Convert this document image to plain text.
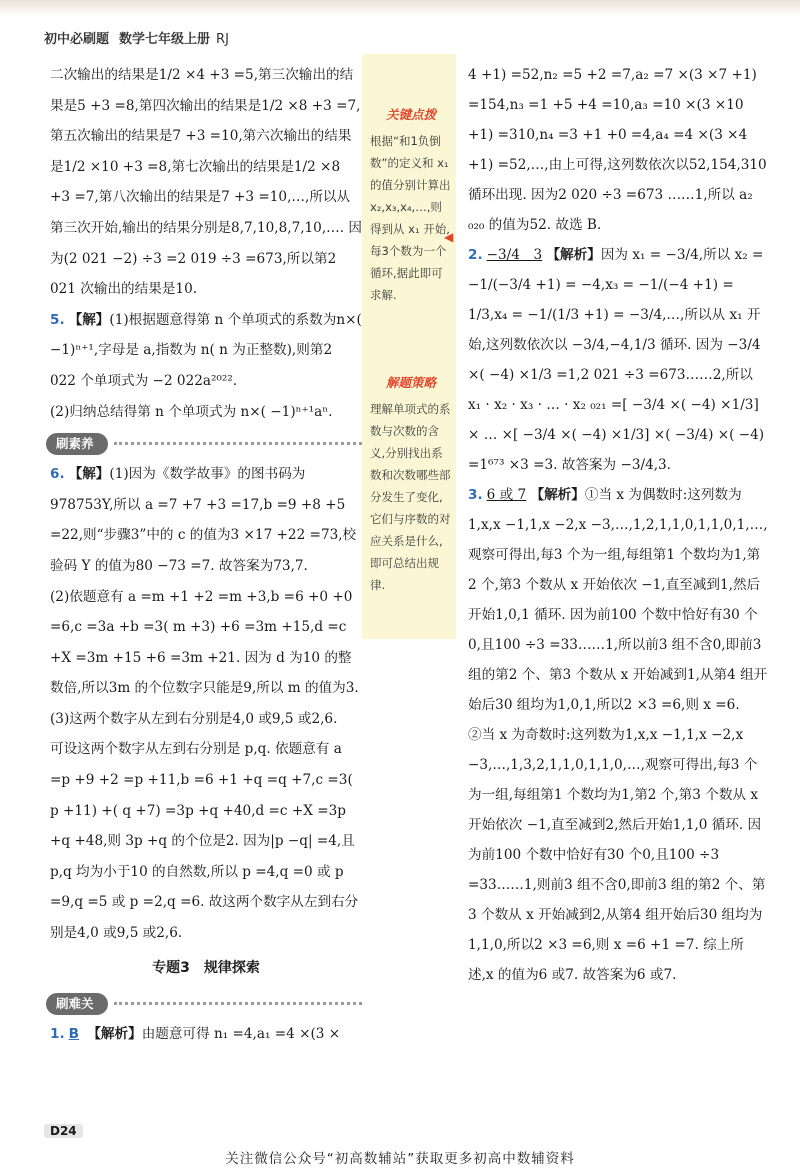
初中必刷题 数学七年级上册 RJ

二次输出的结果是1/2 ×4 +3 =5,第三次输出的结果是5 +3 =8,第四次输出的结果是1/2 ×8 +3 =7,第五次输出的结果是7 +3 =10,第六次输出的结果是1/2 ×10 +3 =8,第七次输出的结果是1/2 ×8 +3 =7,第八次输出的结果是7 +3 =10,…,所以从第三次开始,输出的结果分别是8,7,10,8,7,10,…. 因为(2 021 −2) ÷3 =2 019 ÷3 =673,所以第2 021 次输出的结果是10.

5. 【解】(1)根据题意得第 n 个单项式的系数为n×( −1)ⁿ⁺¹,字母是 a,指数为 n( n 为正整数),则第2 022 个单项式为 −2 022a²⁰²².

(2)归纳总结得第 n 个单项式为 n×( −1)ⁿ⁺¹aⁿ.

刷素养

6. 【解】(1)因为《数学故事》的图书码为978753Y,所以 a =7 +7 +3 =17,b =9 +8 +5 =22,则“步骤3”中的 c 的值为3 ×17 +22 =73,校验码 Y 的值为80 −73 =7. 故答案为73,7.

(2)依题意有 a =m +1 +2 =m +3,b =6 +0 +0 =6,c =3a +b =3( m +3) +6 =3m +15,d =c +X =3m +15 +6 =3m +21. 因为 d 为10 的整数倍,所以3m 的个位数字只能是9,所以 m 的值为3.

(3)这两个数字从左到右分别是4,0 或9,5 或2,6.

可设这两个数字从左到右分别是 p,q. 依题意有 a =p +9 +2 =p +11,b =6 +1 +q =q +7,c =3( p +11) +( q +7) =3p +q +40,d =c +X =3p +q +48,则 3p +q 的个位是2. 因为|p −q| =4,且 p,q 均为小于10 的自然数,所以 p =4,q =0 或 p =9,q =5 或 p =2,q =6. 故这两个数字从左到右分别是4,0 或9,5 或2,6.

专题3　规律探索
刷难关

1. B 【解析】由题意可得 n₁ =4,a₁ =4 ×(3 ×

关键点拨
根据“和1负倒数”的定义和 x₁ 的值分别计算出 x₂,x₃,x₄,…,则得到从 x₁ 开始,每3个数为一个循环,据此即可求解.
◀
解题策略
理解单项式的系数与次数的含义,分别找出系数和次数哪些部分发生了变化,它们与序数的对应关系是什么,即可总结出规律.

4 +1) =52,n₂ =5 +2 =7,a₂ =7 ×(3 ×7 +1) =154,n₃ =1 +5 +4 =10,a₃ =10 ×(3 ×10 +1) =310,n₄ =3 +1 +0 =4,a₄ =4 ×(3 ×4 +1) =52,…,由上可得,这列数依次以52,154,310 循环出现. 因为2 020 ÷3 =673 ……1,所以 a₂ ₀₂₀ 的值为52. 故选 B.

2. −3/4　3 【解析】因为 x₁ = −3/4,所以 x₂ = −1/(−3/4 +1) = −4,x₃ = −1/(−4 +1) = 1/3,x₄ = −1/(1/3 +1) = −3/4,…,所以从 x₁ 开始,这列数依次以 −3/4,−4,1/3 循环. 因为 −3/4 ×( −4) ×1/3 =1,2 021 ÷3 =673……2,所以 x₁ · x₂ · x₃ · … · x₂ ₀₂₁ =[ −3/4 ×( −4) ×1/3] × … ×[ −3/4 ×( −4) ×1/3] ×( −3/4) ×( −4) =1⁶⁷³ ×3 =3. 故答案为 −3/4,3.

3. 6 或 7 【解析】①当 x 为偶数时:这列数为1,x,x −1,1,x −2,x −3,…,1,2,1,1,0,1,1,0,1,…,观察可得出,每3 个为一组,每组第1 个数均为1,第2 个,第3 个数从 x 开始依次 −1,直至减到1,然后开始1,0,1 循环. 因为前100 个数中恰好有30 个0,且100 ÷3 =33……1,所以前3 组不含0,即前3 组的第2 个、第3 个数从 x 开始减到1,从第4 组开始后30 组均为1,0,1,所以2 ×3 =6,则 x =6.

②当 x 为奇数时:这列数为1,x,x −1,1,x −2,x −3,…,1,3,2,1,1,0,1,1,0,…,观察可得出,每3 个为一组,每组第1 个数均为1,第2 个,第3 个数从 x 开始依次 −1,直至减到2,然后开始1,1,0 循环. 因为前100 个数中恰好有30 个0,且100 ÷3 =33……1,则前3 组不含0,即前3 组的第2 个、第3 个数从 x 开始减到2,从第4 组开始后30 组均为1,1,0,所以2 ×3 =6,则 x =6 +1 =7. 综上所述,x 的值为6 或7. 故答案为6 或7.

D24
关注微信公众号“初高数辅站”获取更多初高中数辅资料
